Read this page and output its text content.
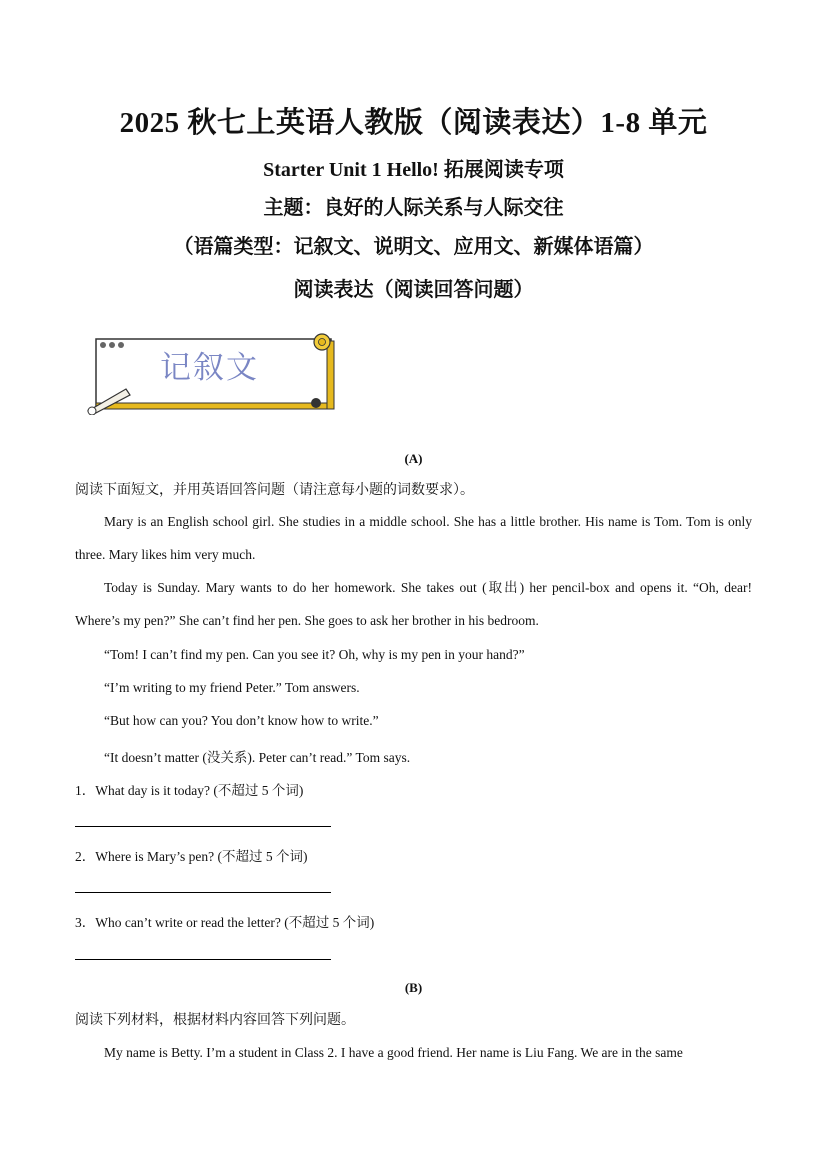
2025 秋七上英语人教版（阅读表达）1-8 单元
Starter Unit 1 Hello! 拓展阅读专项
主题：良好的人际关系与人际交往
（语篇类型：记叙文、说明文、应用文、新媒体语篇）
阅读表达（阅读回答问题）
记叙文
(A)
阅读下面短文，并用英语回答问题（请注意每小题的词数要求）。
Mary is an English school girl. She studies in a middle school. She has a little brother. His name is Tom. Tom is only three. Mary likes him very much.
Today is Sunday. Mary wants to do her homework. She takes out (取出) her pencil-box and opens it. “Oh, dear! Where’s my pen?” She can’t find her pen. She goes to ask her brother in his bedroom.
“Tom! I can’t find my pen. Can you see it? Oh, why is my pen in your hand?”
“I’m writing to my friend Peter.” Tom answers.
“But how can you? You don’t know how to write.”
“It doesn’t matter (没关系). Peter can’t read.” Tom says.
1．What day is it today? (不超过 5 个词)
2．Where is Mary’s pen? (不超过 5 个词)
3．Who can’t write or read the letter? (不超过 5 个词)
(B)
阅读下列材料，根据材料内容回答下列问题。
My name is Betty. I’m a student in Class 2. I have a good friend. Her name is Liu Fang. We are in the same
